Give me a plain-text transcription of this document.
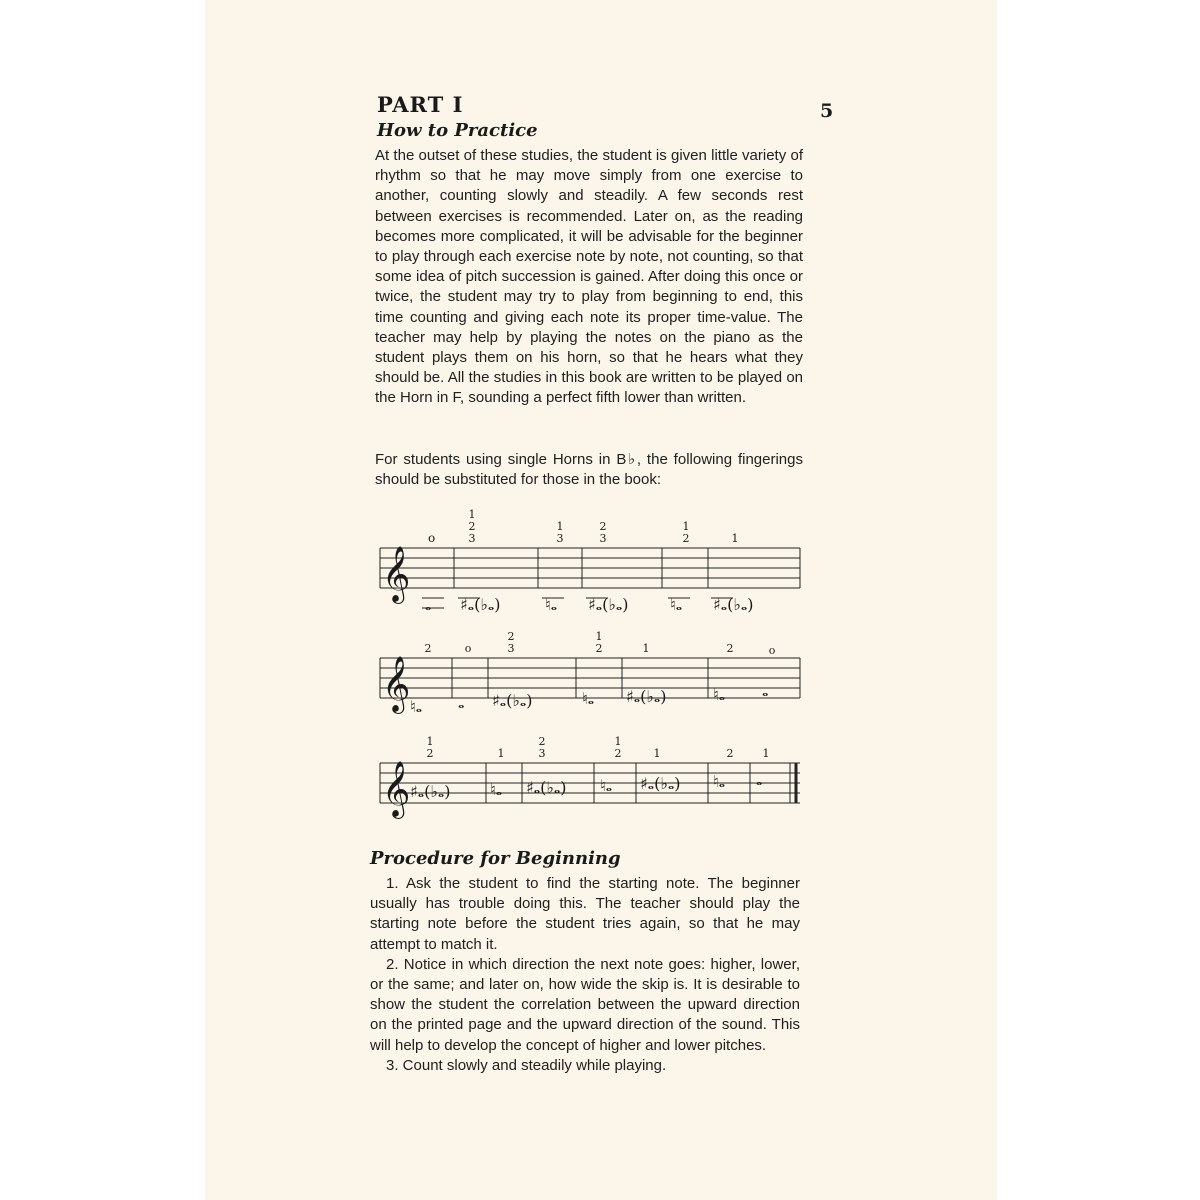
PART I	5
How to Practice

At the outset of these studies, the student is given little variety of rhythm so that he may move simply from one exercise to another, counting slowly and steadily. A few seconds rest between exercises is recommended. Later on, as the reading becomes more complicated, it will be advisable for the beginner to play through each exercise note by note, not counting, so that some idea of pitch succession is gained. After doing this once or twice, the student may try to play from beginning to end, this time counting and giving each note its proper time-value. The teacher may help by playing the notes on the piano as the student plays them on his horn, so that he hears what they should be. All the studies in this book are written to be played on the Horn in F, sounding a perfect fifth lower than written.

For students using single Horns in B♭, the following fingerings should be substituted for those in the book:

𝄞
o
1
2
3
1
3
2
3
1
2	1
𝅝 ♯𝅝(♭𝅝)	♮𝅝 ♯𝅝(♭𝅝)	♮𝅝 ♯𝅝(♭𝅝)
𝄞
2	o
2
3
1
2	1	2	o
♮𝅝 𝅝 ♯𝅝(♭𝅝)	♮𝅝 ♯𝅝(♭𝅝)	♮𝅝 𝅝
𝄞
1
2	1
2
3
1
2	1	2	1
♯𝅝(♭𝅝) ♮𝅝 ♯𝅝(♭𝅝) ♮𝅝 ♯𝅝(♭𝅝) ♮𝅝 𝅝
Procedure for Beginning

1. Ask the student to find the starting note. The beginner usually has trouble doing this. The teacher should play the starting note before the student tries again, so that he may attempt to match it.

2. Notice in which direction the next note goes: higher, lower, or the same; and later on, how wide the skip is. It is desirable to show the student the correlation between the upward direction on the printed page and the upward direction of the sound. This will help to develop the concept of higher and lower pitches.

3. Count slowly and steadily while playing.
